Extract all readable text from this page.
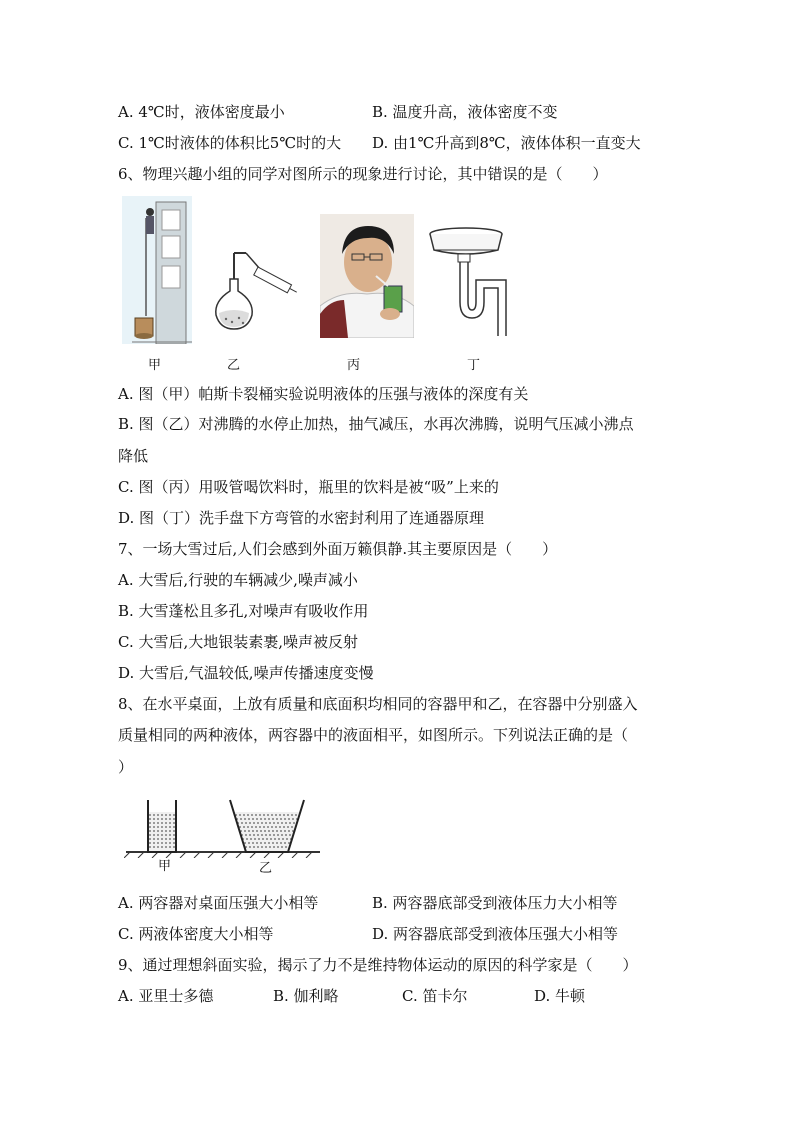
A. 4℃时，液体密度最小	B. 温度升高，液体密度不变
C. 1℃时液体的体积比5℃时的大 D. 由1℃升高到8℃，液体体积一直变大
6、物理兴趣小组的同学对图所示的现象进行讨论，其中错误的是（　　）
甲	乙	丙	丁
A. 图（甲）帕斯卡裂桶实验说明液体的压强与液体的深度有关
B. 图（乙）对沸腾的水停止加热，抽气减压，水再次沸腾，说明气压减小沸点
降低
C. 图（丙）用吸管喝饮料时，瓶里的饮料是被“吸”上来的
D. 图（丁）洗手盘下方弯管的水密封利用了连通器原理
7、一场大雪过后,人们会感到外面万籁俱静.其主要原因是（　　）
A. 大雪后,行驶的车辆减少,噪声减小
B. 大雪蓬松且多孔,对噪声有吸收作用
C. 大雪后,大地银装素裹,噪声被反射
D. 大雪后,气温较低,噪声传播速度变慢
8、在水平桌面，上放有质量和底面积均相同的容器甲和乙，在容器中分别盛入
质量相同的两种液体，两容器中的液面相平，如图所示。下列说法正确的是（
）
甲	乙
A. 两容器对桌面压强大小相等	B. 两容器底部受到液体压力大小相等
C. 两液体密度大小相等	D. 两容器底部受到液体压强大小相等
9、通过理想斜面实验，揭示了力不是维持物体运动的原因的科学家是（　　）
A. 亚里士多德	B. 伽利略	C. 笛卡尔	D. 牛顿
